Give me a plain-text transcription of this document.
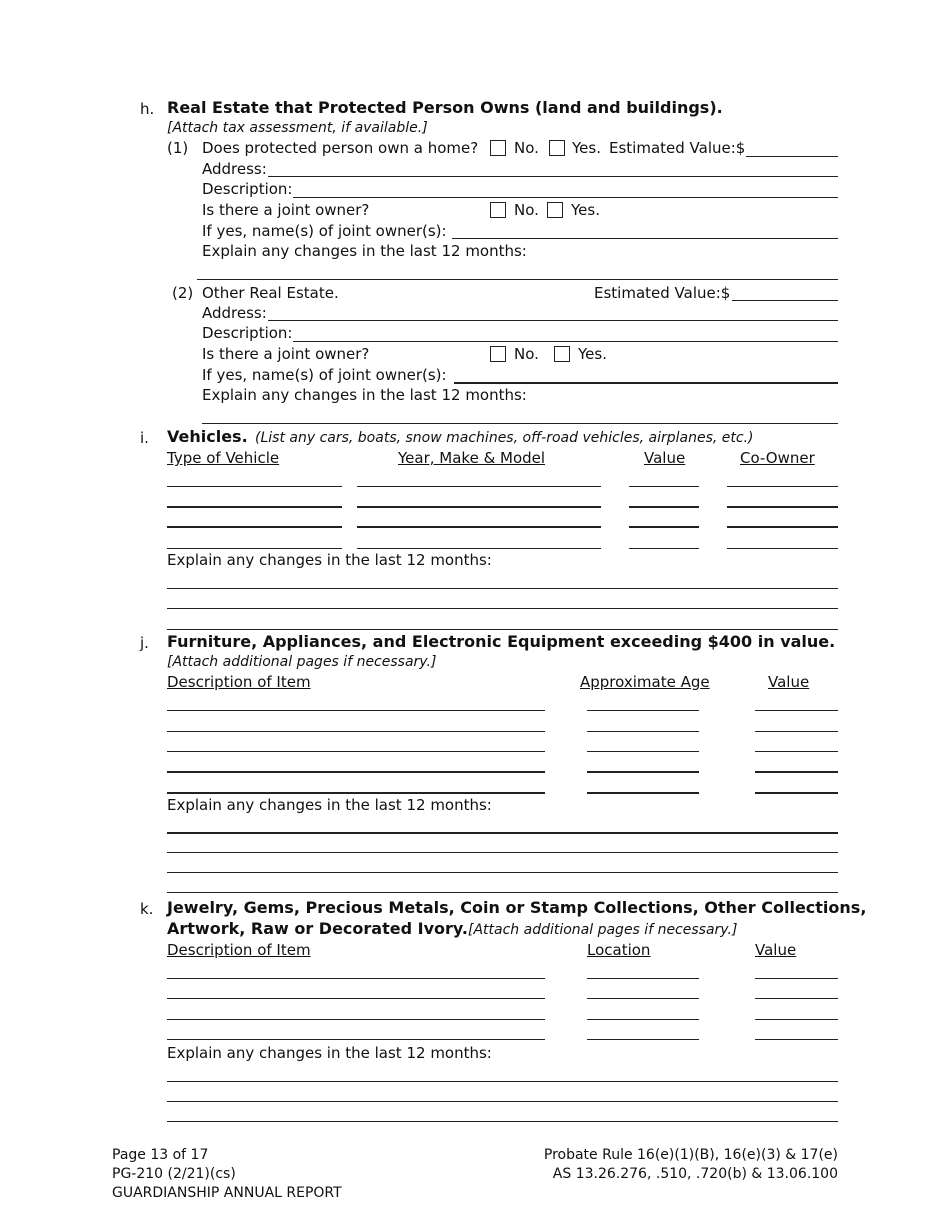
h. Real Estate that Protected Person Owns (land and buildings).
[Attach tax assessment, if available.]
(1) Does protected person own a home? No. Yes. Estimated Value:$
Address:
Description:
Is there a joint owner?	No. Yes.
If yes, name(s) of joint owner(s):
Explain any changes in the last 12 months:
(2) Other Real Estate.	Estimated Value:$
Address:
Description:
Is there a joint owner?	No.	Yes.
If yes, name(s) of joint owner(s):
Explain any changes in the last 12 months:
i. Vehicles. (List any cars, boats, snow machines, off-road vehicles, airplanes, etc.)
Type of Vehicle	Year, Make & Model	Value	Co-Owner
Explain any changes in the last 12 months:
j. Furniture, Appliances, and Electronic Equipment exceeding $400 in value.
[Attach additional pages if necessary.]
Description of Item	Approximate Age	Value
Explain any changes in the last 12 months:
k. Jewelry, Gems, Precious Metals, Coin or Stamp Collections, Other Collections,
Artwork, Raw or Decorated Ivory. [Attach additional pages if necessary.]
Description of Item	Location	Value
Explain any changes in the last 12 months:
Page 13 of 17
PG-210 (2/21)(cs)
GUARDIANSHIP ANNUAL REPORT
Probate Rule 16(e)(1)(B), 16(e)(3) & 17(e)
AS 13.26.276, .510, .720(b) & 13.06.100
